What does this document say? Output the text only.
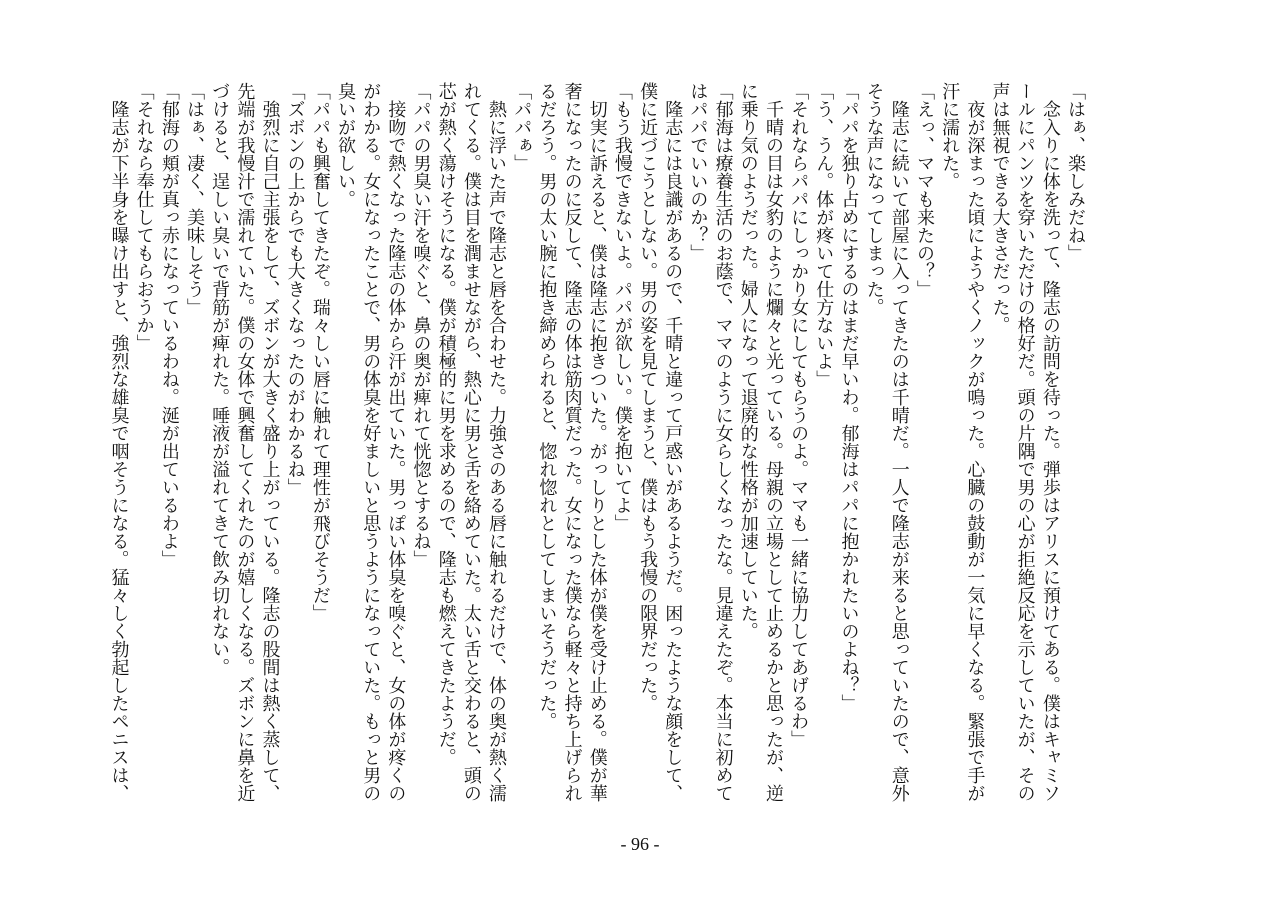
「はぁ、楽しみだね」
念入りに体を洗って、隆志の訪問を待った。弾歩はアリスに預けてある。僕はキャミソ
ールにパンツを穿いただけの格好だ。頭の片隅で男の心が拒絶反応を示していたが、その
声は無視できる大きさだった。
夜が深まった頃にようやくノックが鳴った。心臓の鼓動が一気に早くなる。緊張で手が
汗に濡れた。
「えっ、ママも来たの？」
隆志に続いて部屋に入ってきたのは千晴だ。一人で隆志が来ると思っていたので、意外
そうな声になってしまった。
「パパを独り占めにするのはまだ早いわ。郁海はパパに抱かれたいのよね？」
「う、うん。体が疼いて仕方ないよ」
「それならパパにしっかり女にしてもらうのよ。ママも一緒に協力してあげるわ」
千晴の目は女豹のように爛々と光っている。母親の立場として止めるかと思ったが、逆
に乗り気のようだった。婦人になって退廃的な性格が加速していた。
「郁海は療養生活のお蔭で、ママのように女らしくなったな。見違えたぞ。本当に初めて
はパパでいいのか？」
隆志には良識があるので、千晴と違って戸惑いがあるようだ。困ったような顔をして、
僕に近づこうとしない。男の姿を見てしまうと、僕はもう我慢の限界だった。
「もう我慢できないよ。パパが欲しい。僕を抱いてよ」
切実に訴えると、僕は隆志に抱きついた。がっしりとした体が僕を受け止める。僕が華
奢になったのに反して、隆志の体は筋肉質だった。女になった僕なら軽々と持ち上げられ
るだろう。男の太い腕に抱き締められると、惚れ惚れとしてしまいそうだった。
「パパぁ」
熱に浮いた声で隆志と唇を合わせた。力強さのある唇に触れるだけで、体の奥が熱く濡
れてくる。僕は目を潤ませながら、熱心に男と舌を絡めていた。太い舌と交わると、頭の
芯が熱く蕩けそうになる。僕が積極的に男を求めるので、隆志も燃えてきたようだ。
「パパの男臭い汗を嗅ぐと、鼻の奥が痺れて恍惚とするね」
接吻で熱くなった隆志の体から汗が出ていた。男っぽい体臭を嗅ぐと、女の体が疼くの
がわかる。女になったことで、男の体臭を好ましいと思うようになっていた。もっと男の
臭いが欲しい。
「パパも興奮してきたぞ。瑞々しい唇に触れて理性が飛びそうだ」
「ズボンの上からでも大きくなったのがわかるね」
強烈に自己主張をして、ズボンが大きく盛り上がっている。隆志の股間は熱く蒸して、
先端が我慢汁で濡れていた。僕の女体で興奮してくれたのが嬉しくなる。ズボンに鼻を近
づけると、逞しい臭いで背筋が痺れた。唾液が溢れてきて飲み切れない。
「はぁ、凄く、美味しそう」
「郁海の頬が真っ赤になっているわね。涎が出ているわよ」
「それなら奉仕してもらおうか」
隆志が下半身を曝け出すと、強烈な雄臭で咽そうになる。猛々しく勃起したペニスは、
- 96 -
